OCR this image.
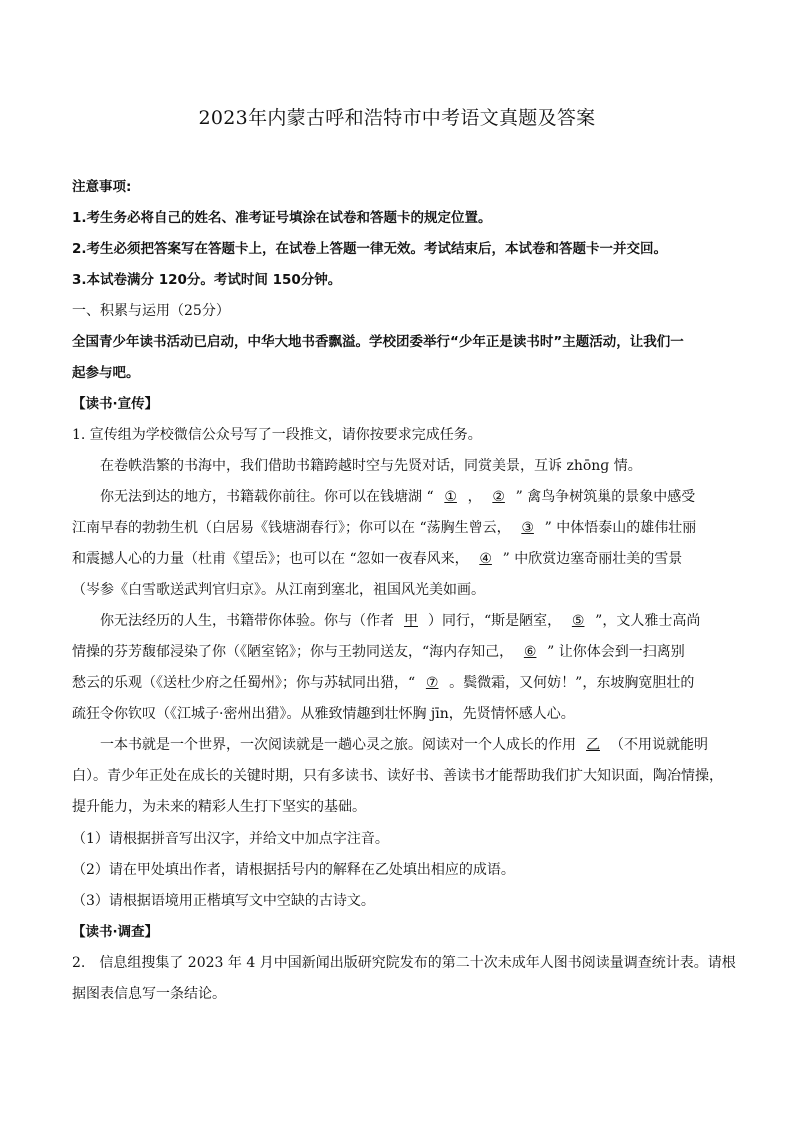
2023年内蒙古呼和浩特市中考语文真题及答案
注意事项:
1.考生务必将自己的姓名、准考证号填涂在试卷和答题卡的规定位置。
2.考生必须把答案写在答题卡上，在试卷上答题一律无效。考试结束后，本试卷和答题卡一并交回。
3.本试卷满分 120分。考试时间 150分钟。
一、积累与运用（25分）
全国青少年读书活动已启动，中华大地书香飘溢。学校团委举行“少年正是读书时”主题活动，让我们一
起参与吧。
【读书·宣传】
1. 宣传组为学校微信公众号写了一段推文，请你按要求完成任务。
在卷帙浩繁的书海中，我们借助书籍跨越时空与先贤对话，同赏美景，互诉 zhōnɡ 情。
你无法到达的地方，书籍载你前往。你可以在钱塘湖 “ ① ， ② ” 禽鸟争树筑巢的景象中感受
江南早春的勃勃生机（白居易《钱塘湖春行》；你可以在 “荡胸生曾云， ③ ” 中体悟泰山的雄伟壮丽
和震撼人心的力量（杜甫《望岳》；也可以在 “忽如一夜春风来， ④ ” 中欣赏边塞奇丽壮美的雪景
（岑参《白雪歌送武判官归京》。从江南到塞北，祖国风光美如画。
你无法经历的人生，书籍带你体验。你与（作者 甲 ）同行，“斯是陋室， ⑤ ”，文人雅士高尚
情操的芬芳馥郁浸染了你（《陋室铭》；你与王勃同送友，“海内存知己， ⑥ ” 让你体会到一扫离别
愁云的乐观（《送杜少府之任蜀州》；你与苏轼同出猎，“ ⑦ 。鬓微霜，又何妨！”，东坡胸宽胆壮的
疏狂令你钦叹（《江城子·密州出猎》。从雅致情趣到壮怀胸 jīn，先贤情怀感人心。
一本书就是一个世界，一次阅读就是一趟心灵之旅。阅读对一个人成长的作用 乙 （不用说就能明
白）。青少年正处在成长的关键时期，只有多读书、读好书、善读书才能帮助我们扩大知识面，陶冶情操，
提升能力，为未来的精彩人生打下坚实的基础。
（1）请根据拼音写出汉字，并给文中加点字注音。
（2）请在甲处填出作者，请根据括号内的解释在乙处填出相应的成语。
（3）请根据语境用正楷填写文中空缺的古诗文。
【读书·调查】
2.　信息组搜集了 2023 年 4 月中国新闻出版研究院发布的第二十次未成年人图书阅读量调查统计表。请根
据图表信息写一条结论。
